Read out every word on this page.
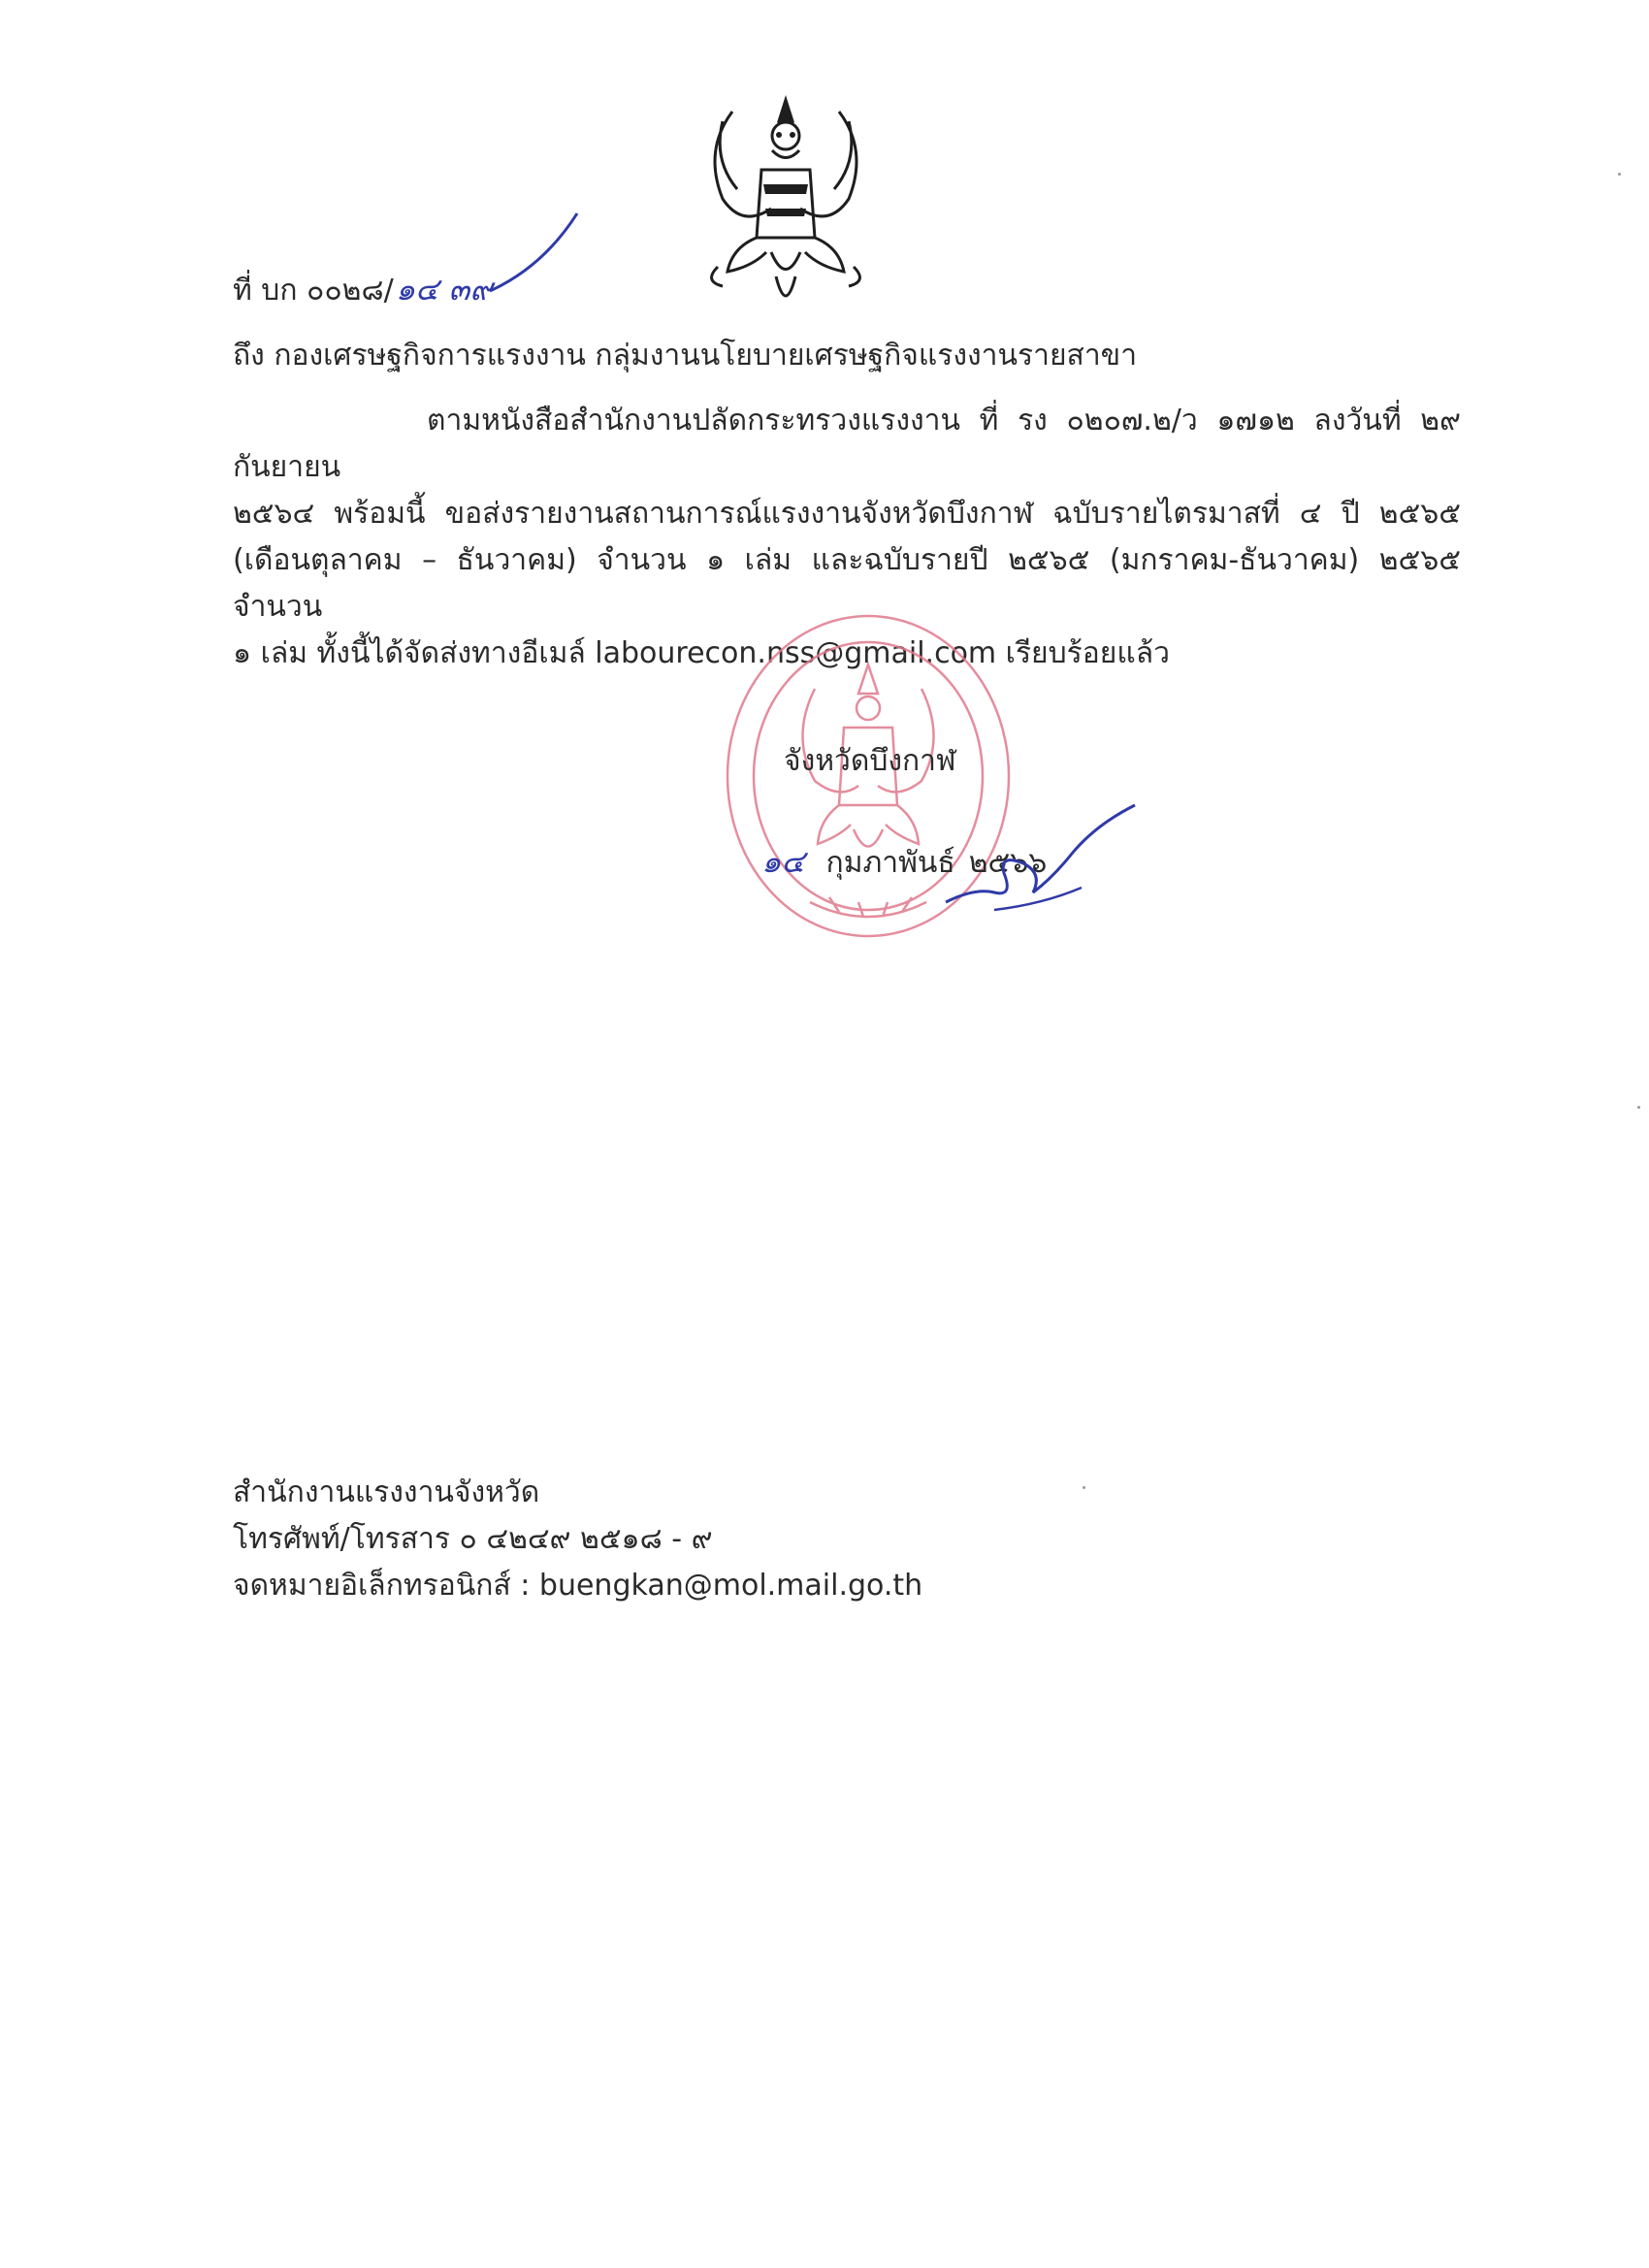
ที่ บก ๐๐๒๘/๑๔ ๓๙
ถึง กองเศรษฐกิจการแรงงาน กลุ่มงานนโยบายเศรษฐกิจแรงงานรายสาขา

ตามหนังสือสำนักงานปลัดกระทรวงแรงงาน ที่ รง ๐๒๐๗.๒/ว ๑๗๑๒ ลงวันที่ ๒๙ กันยายน

๒๕๖๔ พร้อมนี้ ขอส่งรายงานสถานการณ์แรงงานจังหวัดบึงกาฬ ฉบับรายไตรมาสที่ ๔ ปี ๒๕๖๕

(เดือนตุลาคม – ธันวาคม) จำนวน ๑ เล่ม และฉบับรายปี ๒๕๖๕ (มกราคม-ธันวาคม) ๒๕๖๕ จำนวน

๑ เล่ม ทั้งนี้ได้จัดส่งทางอีเมล์ labourecon.nss@gmail.com เรียบร้อยแล้ว

จังหวัดบึงกาฬ
๑๔ กุมภาพันธ์ ๒๕๖๖
สำนักงานแรงงานจังหวัด
โทรศัพท์/โทรสาร ๐ ๔๒๔๙ ๒๕๑๘ - ๙
จดหมายอิเล็กทรอนิกส์ : buengkan@mol.mail.go.th
